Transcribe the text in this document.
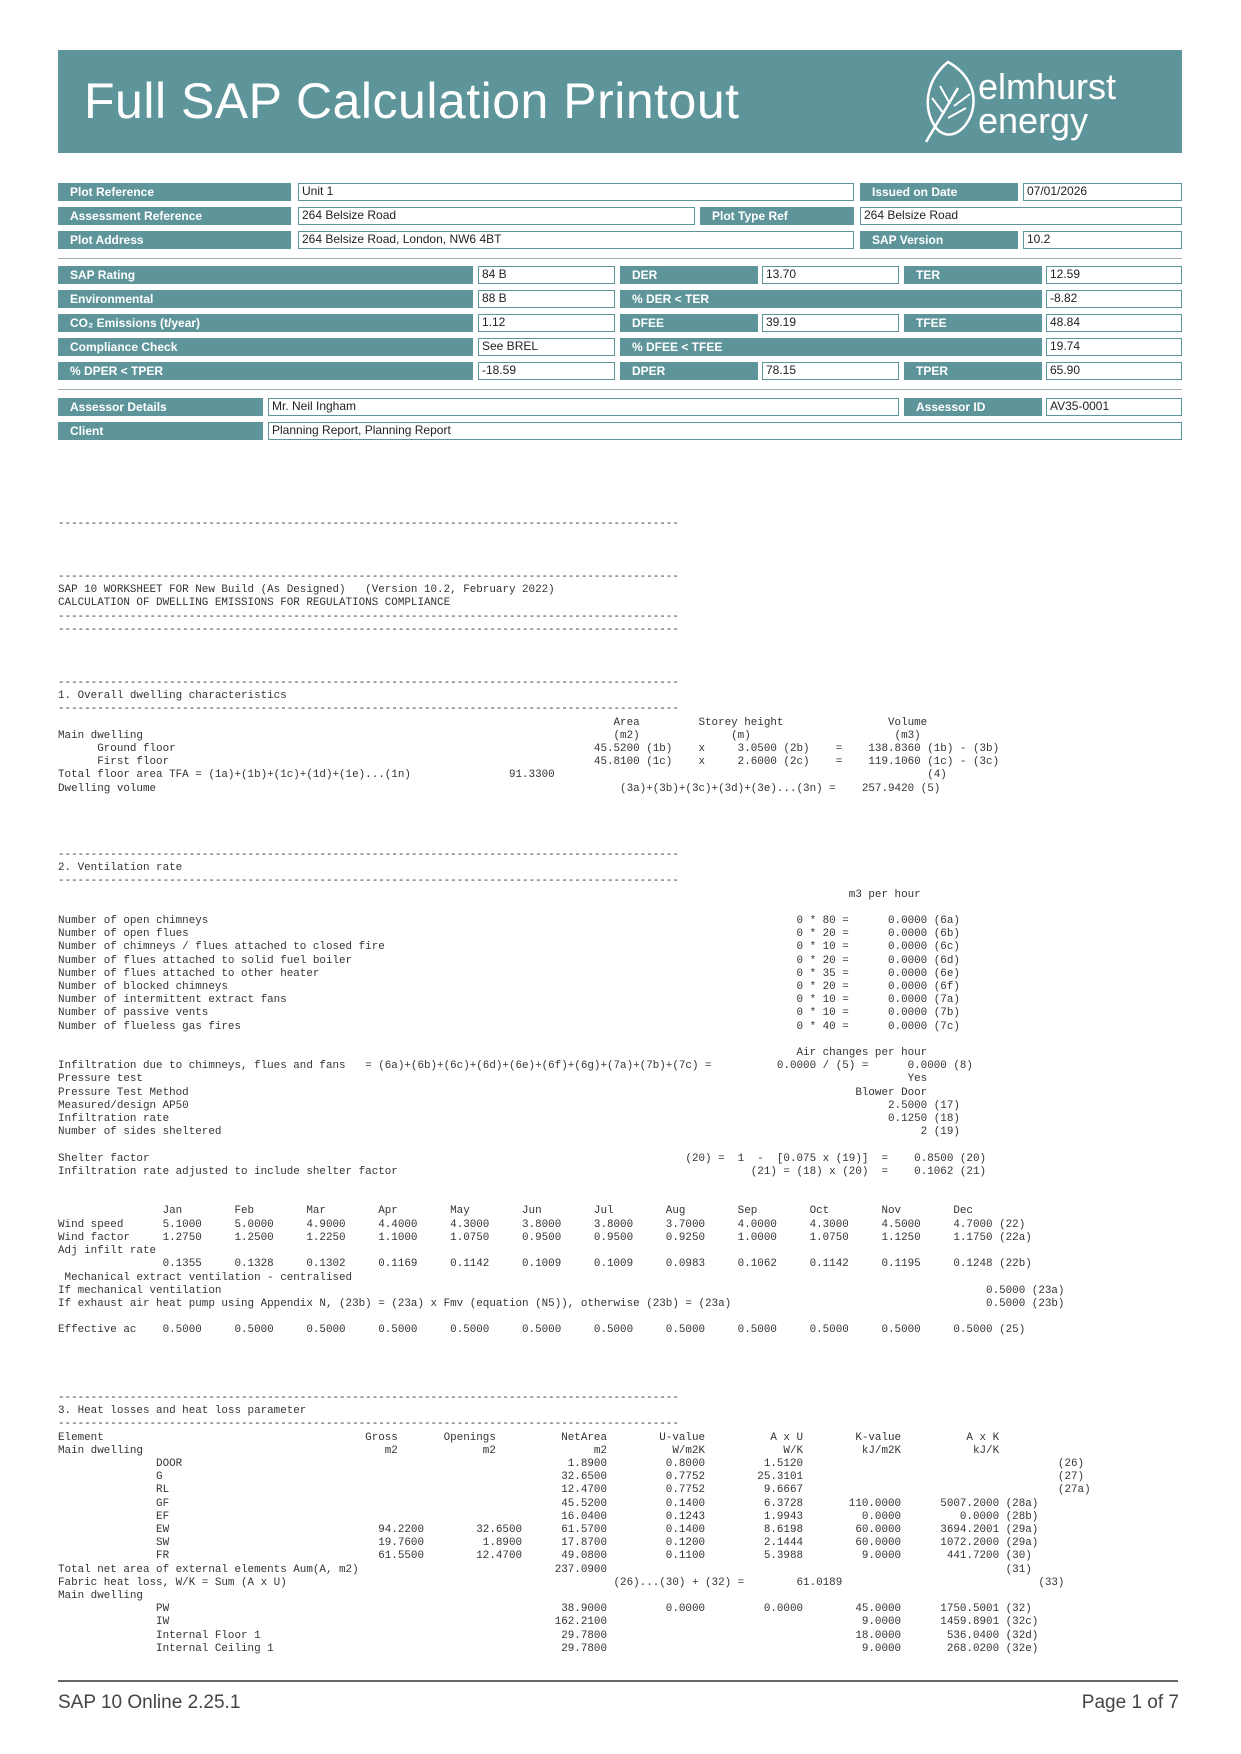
Full SAP Calculation Printout	elmhurst
energy
Plot Reference	Unit 1	Issued on Date	07/01/2026
Assessment Reference	264 Belsize Road	Plot Type Ref	264 Belsize Road
Plot Address	264 Belsize Road, London, NW6 4BT	SAP Version	10.2
SAP Rating	84 B	DER	13.70	TER	12.59
Environmental	88 B	% DER < TER	-8.82
CO₂ Emissions (t/year)	1.12	DFEE	39.19	TFEE	48.84
Compliance Check	See BREL	% DFEE < TFEE	19.74
% DPER < TPER	-18.59	DPER	78.15	TPER	65.90
Assessor Details	Mr. Neil Ingham	Assessor ID	AV35-0001
Client	Planning Report, Planning Report
-----------------------------------------------------------------------------------------------
-----------------------------------------------------------------------------------------------
SAP 10 WORKSHEET FOR New Build (As Designed)   (Version 10.2, February 2022)
CALCULATION OF DWELLING EMISSIONS FOR REGULATIONS COMPLIANCE
-----------------------------------------------------------------------------------------------
-----------------------------------------------------------------------------------------------
-----------------------------------------------------------------------------------------------
1. Overall dwelling characteristics
-----------------------------------------------------------------------------------------------
Area         Storey height                Volume
Main dwelling                                                                        (m2)              (m)                      (m3)
Ground floor                                                                45.5200 (1b)    x     3.0500 (2b)    =    138.8360 (1b) - (3b)
First floor                                                                 45.8100 (1c)    x     2.6000 (2c)    =    119.1060 (1c) - (3c)
Total floor area TFA = (1a)+(1b)+(1c)+(1d)+(1e)...(1n)               91.3300                                                         (4)
Dwelling volume                                                                       (3a)+(3b)+(3c)+(3d)+(3e)...(3n) =    257.9420 (5)
-----------------------------------------------------------------------------------------------
2. Ventilation rate
-----------------------------------------------------------------------------------------------
m3 per hour

Number of open chimneys                                                                                          0 * 80 =      0.0000 (6a)
Number of open flues                                                                                             0 * 20 =      0.0000 (6b)
Number of chimneys / flues attached to closed fire                                                               0 * 10 =      0.0000 (6c)
Number of flues attached to solid fuel boiler                                                                    0 * 20 =      0.0000 (6d)
Number of flues attached to other heater                                                                         0 * 35 =      0.0000 (6e)
Number of blocked chimneys                                                                                       0 * 20 =      0.0000 (6f)
Number of intermittent extract fans                                                                              0 * 10 =      0.0000 (7a)
Number of passive vents                                                                                          0 * 10 =      0.0000 (7b)
Number of flueless gas fires                                                                                     0 * 40 =      0.0000 (7c)

Air changes per hour
Infiltration due to chimneys, flues and fans   = (6a)+(6b)+(6c)+(6d)+(6e)+(6f)+(6g)+(7a)+(7b)+(7c) =          0.0000 / (5) =      0.0000 (8)
Pressure test                                                                                                                     Yes
Pressure Test Method                                                                                                      Blower Door
Measured/design AP50                                                                                                           2.5000 (17)
Infiltration rate                                                                                                              0.1250 (18)
Number of sides sheltered                                                                                                           2 (19)

Shelter factor                                                                                  (20) =  1  -  [0.075 x (19)]  =    0.8500 (20)
Infiltration rate adjusted to include shelter factor                                                      (21) = (18) x (20)  =    0.1062 (21)

Jan        Feb        Mar        Apr        May        Jun        Jul        Aug        Sep        Oct        Nov        Dec
Wind speed      5.1000     5.0000     4.9000     4.4000     4.3000     3.8000     3.8000     3.7000     4.0000     4.3000     4.5000     4.7000 (22)
Wind factor     1.2750     1.2500     1.2250     1.1000     1.0750     0.9500     0.9500     0.9250     1.0000     1.0750     1.1250     1.1750 (22a)
Adj infilt rate
0.1355     0.1328     0.1302     0.1169     0.1142     0.1009     0.1009     0.0983     0.1062     0.1142     0.1195     0.1248 (22b)
Mechanical extract ventilation - centralised
If mechanical ventilation                                                                                                                     0.5000 (23a)
If exhaust air heat pump using Appendix N, (23b) = (23a) x Fmv (equation (N5)), otherwise (23b) = (23a)                                       0.5000 (23b)

Effective ac    0.5000     0.5000     0.5000     0.5000     0.5000     0.5000     0.5000     0.5000     0.5000     0.5000     0.5000     0.5000 (25)
-----------------------------------------------------------------------------------------------
3. Heat losses and heat loss parameter
-----------------------------------------------------------------------------------------------
Element                                        Gross       Openings          NetArea        U-value          A x U        K-value          A x K
Main dwelling                                     m2             m2               m2          W/m2K            W/K         kJ/m2K           kJ/K
DOOR                                                           1.8900         0.8000         1.5120                                       (26)
G                                                             32.6500         0.7752        25.3101                                       (27)
RL                                                            12.4700         0.7752         9.6667                                       (27a)
GF                                                            45.5200         0.1400         6.3728       110.0000      5007.2000 (28a)
EF                                                            16.0400         0.1243         1.9943         0.0000         0.0000 (28b)
EW                                94.2200        32.6500      61.5700         0.1400         8.6198        60.0000      3694.2001 (29a)
SW                                19.7600         1.8900      17.8700         0.1200         2.1444        60.0000      1072.2000 (29a)
FR                                61.5500        12.4700      49.0800         0.1100         5.3988         9.0000       441.7200 (30)
Total net area of external elements Aum(A, m2)                              237.0900                                                             (31)
Fabric heat loss, W/K = Sum (A x U)                                                  (26)...(30) + (32) =        61.0189                              (33)
Main dwelling
PW                                                            38.9000         0.0000         0.0000        45.0000      1750.5001 (32)
IW                                                           162.2100                                       9.0000      1459.8901 (32c)
Internal Floor 1                                              29.7800                                      18.0000       536.0400 (32d)
Internal Ceiling 1                                            29.7800                                       9.0000       268.0200 (32e)
SAP 10 Online 2.25.1	Page 1 of 7
